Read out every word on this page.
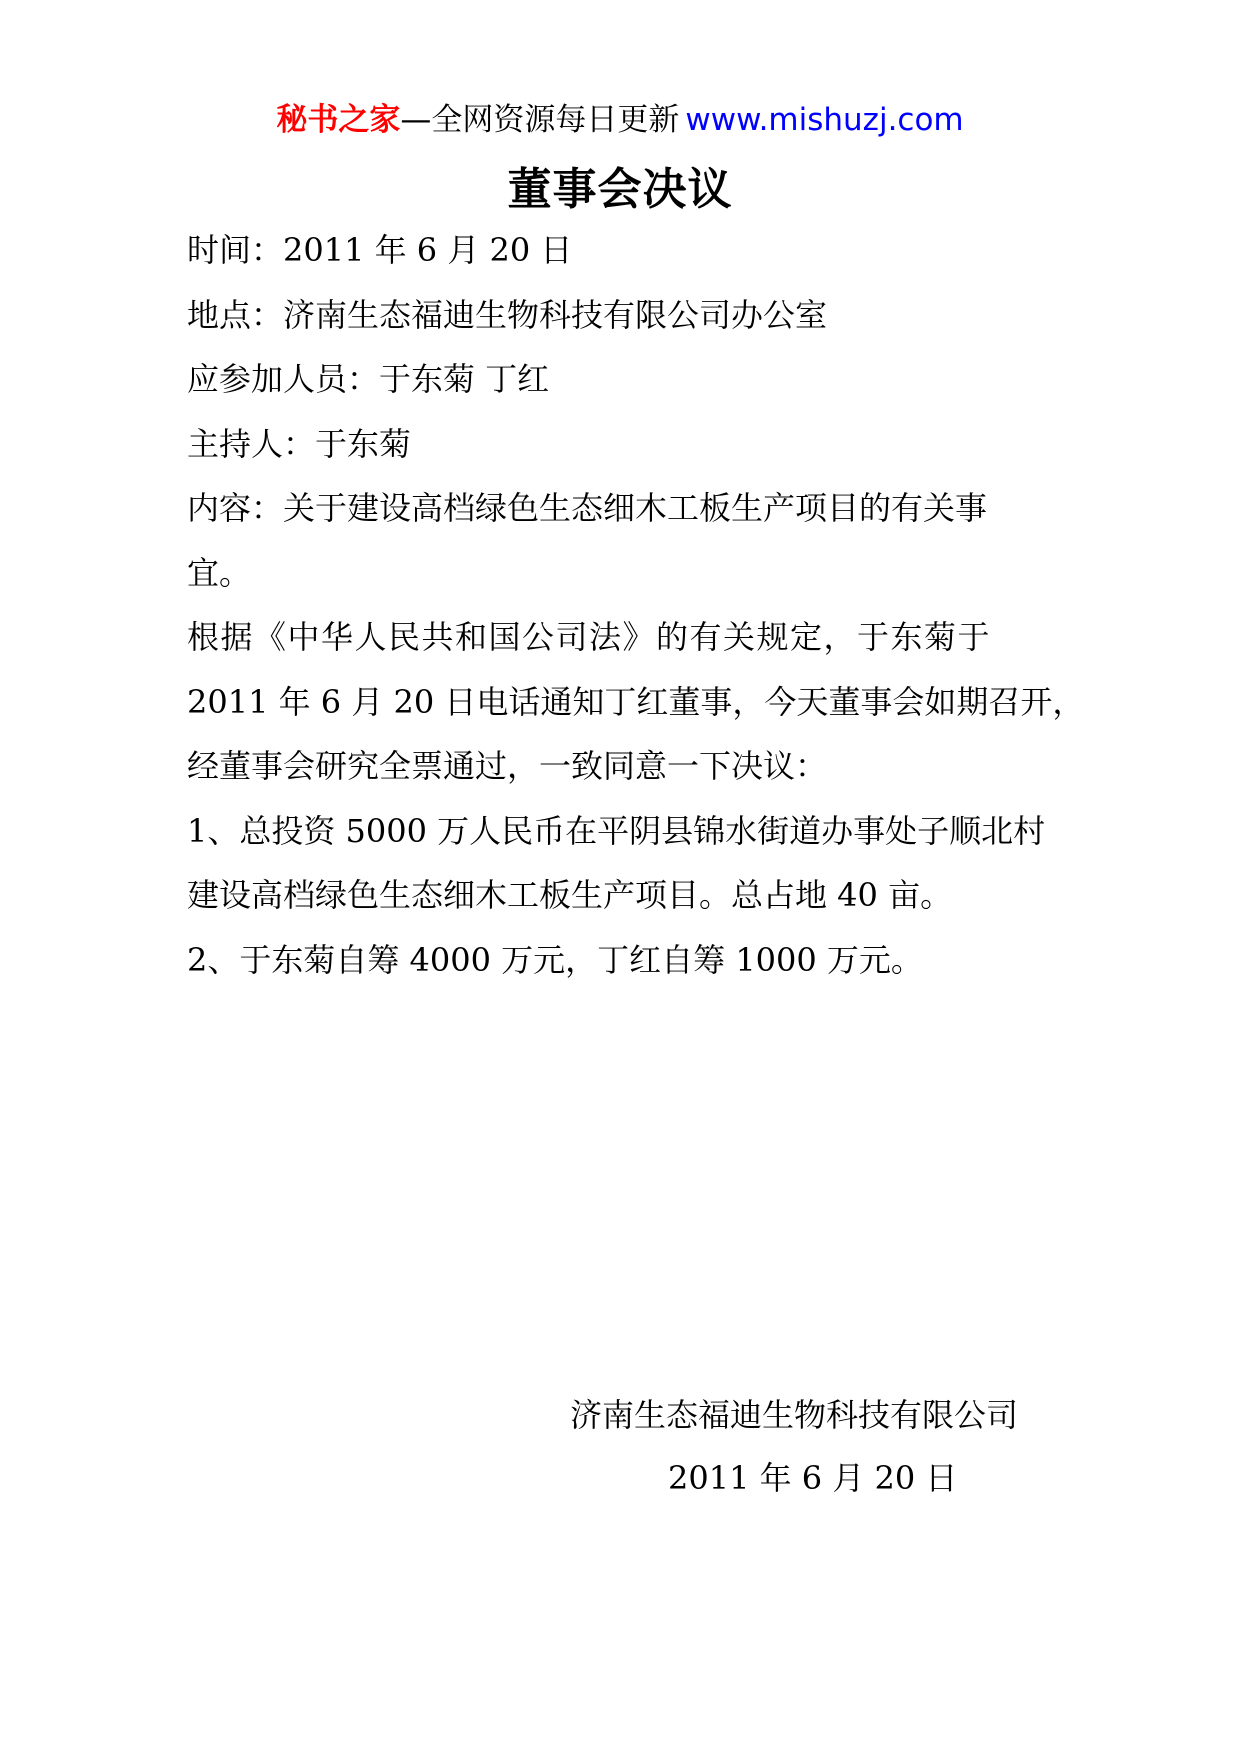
秘书之家—全网资源每日更新 www.mishuzj.com
董事会决议

时间：2011 年 6 月 20 日

地点：济南生态福迪生物科技有限公司办公室

应参加人员：于东菊 丁红

主持人：于东菊

内容：关于建设高档绿色生态细木工板生产项目的有关事

宜。

根据《中华人民共和国公司法》的有关规定，于东菊于

2011 年 6 月 20 日电话通知丁红董事，今天董事会如期召开，

经董事会研究全票通过，一致同意一下决议：

1、总投资 5000 万人民币在平阴县锦水街道办事处子顺北村

建设高档绿色生态细木工板生产项目。总占地 40 亩。

2、于东菊自筹 4000 万元，丁红自筹 1000 万元。

济南生态福迪生物科技有限公司
2011 年 6 月 20 日
